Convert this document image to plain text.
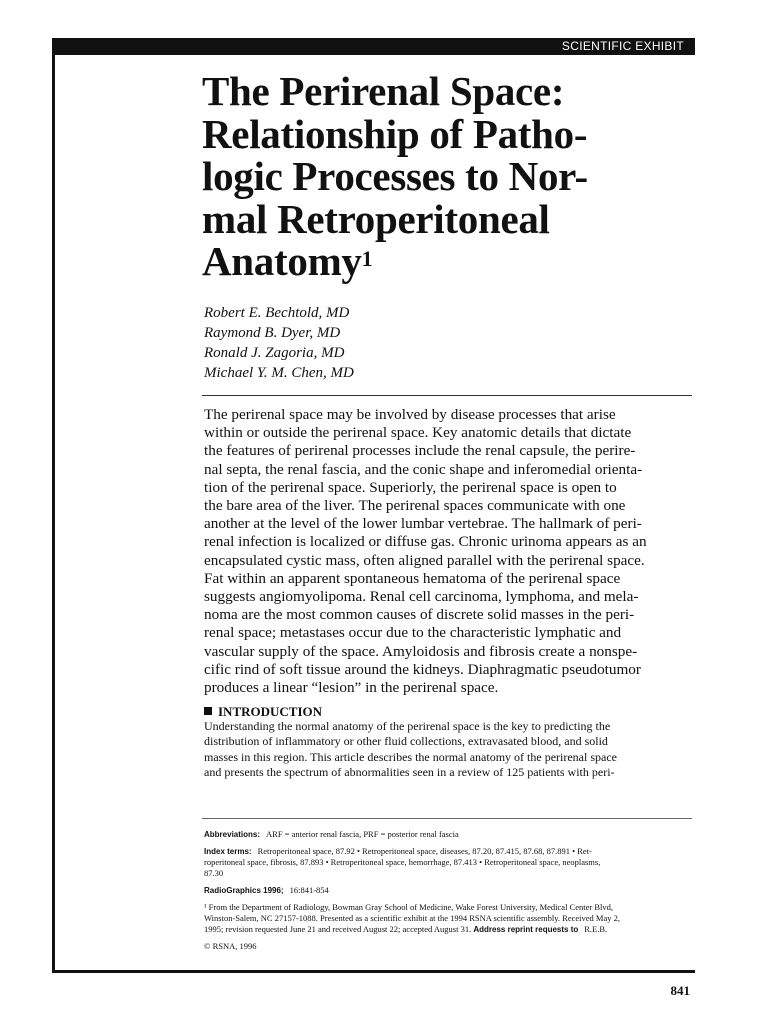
SCIENTIFIC EXHIBIT
The Perirenal Space:
Relationship of Patho-
logic Processes to Nor-
mal Retroperitoneal
Anatomy$^1$
Robert E. Bechtold, MD
Raymond B. Dyer, MD
Ronald J. Zagoria, MD
Michael Y. M. Chen, MD
The perirenal space may be involved by disease processes that arise
within or outside the perirenal space. Key anatomic details that dictate
the features of perirenal processes include the renal capsule, the perire-
nal septa, the renal fascia, and the conic shape and inferomedial orienta-
tion of the perirenal space. Superiorly, the perirenal space is open to
the bare area of the liver. The perirenal spaces communicate with one
another at the level of the lower lumbar vertebrae. The hallmark of peri-
renal infection is localized or diffuse gas. Chronic urinoma appears as an
encapsulated cystic mass, often aligned parallel with the perirenal space.
Fat within an apparent spontaneous hematoma of the perirenal space
suggests angiomyolipoma. Renal cell carcinoma, lymphoma, and mela-
noma are the most common causes of discrete solid masses in the peri-
renal space; metastases occur due to the characteristic lymphatic and
vascular supply of the space. Amyloidosis and fibrosis create a nonspe-
cific rind of soft tissue around the kidneys. Diaphragmatic pseudotumor
produces a linear “lesion” in the perirenal space.
INTRODUCTION
Understanding the normal anatomy of the perirenal space is the key to predicting the
distribution of inflammatory or other fluid collections, extravasated blood, and solid
masses in this region. This article describes the normal anatomy of the perirenal space
and presents the spectrum of abnormalities seen in a review of 125 patients with peri-
Abbreviations: ARF = anterior renal fascia, PRF = posterior renal fascia
Index terms: Retroperitoneal space, 87.92 • Retroperitoneal space, diseases, 87.20, 87.415, 87.68, 87.891 • Ret-
roperitoneal space, fibrosis, 87.893 • Retroperitoneal space, hemorrhage, 87.413 • Retroperitoneal space, neoplasms,
87.30
RadioGraphics 1996; 16:841-854
¹ From the Department of Radiology, Bowman Gray School of Medicine, Wake Forest University, Medical Center Blvd,
Winston-Salem, NC 27157-1088. Presented as a scientific exhibit at the 1994 RSNA scientific assembly. Received May 2,
1995; revision requested June 21 and received August 22; accepted August 31. Address reprint requests to R.E.B.
© RSNA, 1996
841
